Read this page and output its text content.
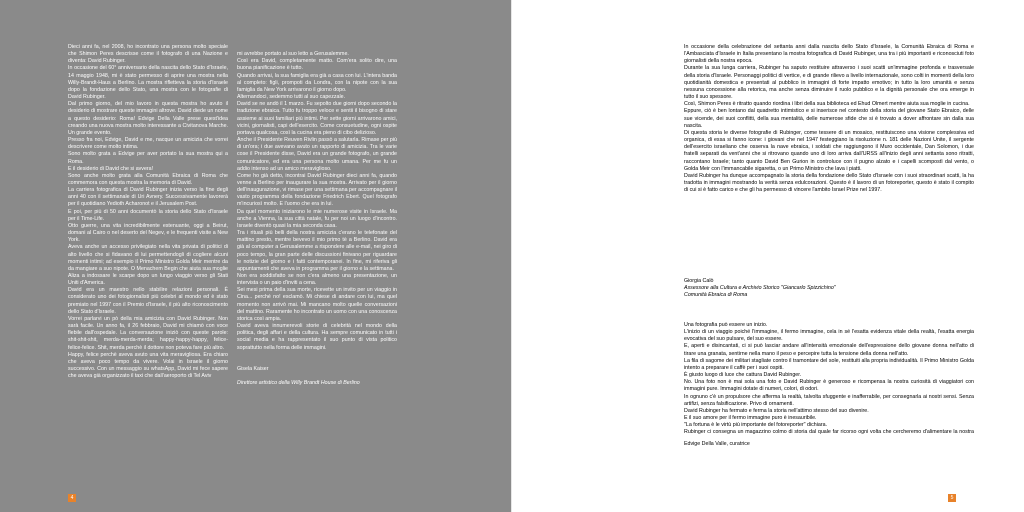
Dieci anni fa, nel 2008, ho incontrato una persona molto speciale che Shimon Peres descrisse come il fotografo di una Nazione e diventa: David Rubinger.
In occasione del 60° anniversario della nascita dello Stato d'Israele, 14 maggio 1948, mi è stato permesso di aprire una mostra nella Willy-Brandt-Haus a Berlino. La mostra rifletteva la storia d'Israele dopo la fondazione dello Stato, una mostra con le fotografie di David Rubinger.
Dal primo giorno, del mio lavoro in questa mostra ho avuto il desiderio di mostrare queste immagini altrove. David diede un nome a questo desiderio: Roma! Edvige Della Valle prese quest'idea creando una nuova mostra molto interessante a Civitanova Marche. Un grande evento.
Presso fra noi, Edvige, David e me, nacque un amicizia che vorrei descrivere come molto intima.
Sono molto grata a Edvige per aver portato la sua mostra qui a Roma.
E il desiderio di David che si avvera!
Sono anche molto grata alla Comunità Ebraica di Roma che commemora con questa mostra la memoria di David.
La carriera fotografica di David Rubinger inizia verso la fine degli anni 40 con il settimanale di Uri Avnery. Successivamente lavorerà per il quotidiano Yedioth Acharonot e il Jerusalem Post.
E poi, per più di 50 anni documentò la storia dello Stato d'Israele per il Time-Life.
Otto guerre, una vita incredibilmente estenuante, oggi a Beirut, domani al Cairo o nel deserto del Negev, e le frequenti visite a New York.
Aveva anche un accesso privilegiato nella vita privata di politici di alto livello che si fidavano di lui permettendogli di cogliere alcuni momenti intimi; ad esempio il Primo Ministro Golda Meir mentre da da mangiare a suo nipote. O Menachem Begin che aiuta sua moglie Aliza a indossare le scarpe dopo un lungo viaggio verso gli Stati Uniti d'America.
David era un maestro nello stabilire relazioni personali. È considerato uno dei fotogiornalisti più celebri al mondo ed è stato premiato nel 1997 con il Premio d'Israele, il più alto riconoscimento dello Stato d'Israele.
Vorrei parlarvi un pò della mia amicizia con David Rubinger. Non sarà facile. Un anno fa, il 26 febbraio, David mi chiamò con voce flebile dall'ospedale. La conversazione iniziò con queste parole: shit-shit-shit, merda-merda-merda; happy-happy-happy, felice-felice-felice. Shit, merda perchè il dottore non poteva fare più altro.
Happy, felice perchè aveva avuto una vita meravigliosa. Era chiaro che aveva poco tempo da vivere. Volai in Israele il giorno successivo. Con un messaggio su whatsApp, David mi fece sapere che aveva già organizzato il taxi che dall'aeroporto di Tel Aviv

mi avrebbe portato al suo letto a Gerusalemme.
Così era David, completamente matto. Com'era solito dire, una buona pianificazione è tutto.
Quando arrivai, la sua famiglia era già a casa con lui. L'intera banda al completo: figli, prompoti da Londra, con la nipote con la sua famiglia da New York arrivarono il giorno dopo.
Alternandoci, sedemmo tutti al suo capezzale.
David se ne andò il 1 marzo. Fu sepolto due giorni dopo secondo la tradizione ebraica. Tutto fu troppo veloce e sentii il bisogno di stare assieme ai suoi familiari più intimi. Per sette giorni arrivarono amici, vicini, giornalisti, capi dell'esercito. Come consuetudine, ogni ospite portava qualcosa, così la cucina era pieno di cibo delizioso.
Anche il Presidente Reuven Rivlin passò a salutarla. Rimase per più di un'ora; i due avevano avuto un rapporto di amicizia. Tra le varie cose il Presidente disse, David era un grande fotografo, un grande comunicatore, ed era una persona molto umana. Per me fu un addio intenso ad un amico meraviglioso.
Come ho già detto, incontrai David Rubinger dieci anni fa, quando venne a Berlino per inaugurare la sua mostra. Arrivato per il giorno dell'inaugurazione, vi rimase per una settimana per accompagnare il vasto programma della fondazione Friedrich Ebert. Quel fotografo m'incuriosì molto. E l'uomo che era in lui.
Da quel momento iniziarono le mie numerose visite in Israele. Ma anche a Vienna, la sua città natale, fu per noi un luogo d'incontro. Israele diventò quasi la mia seconda casa.
Tra i rituali più belli della nostra amicizia c'erano le telefonate del mattino presto, mentre bevevo il mio primo tè a Berlino. David era già al computer a Gerusalemme a rispondere alle e-mail, nei giro di poco tempo, la gran parte delle discussioni finivano per riguardare le notizie del giorno e i fatti contemporanei. In fine, mi riferiva gli appuntamenti che aveva in programma per il giorno e la settimana.
Non era soddisfatto se non c'era almeno una presentazione, un intervista o un paio d'inviti a cena.
Sei mesi prima della sua morte, ricevette un invito per un viaggio in Cina... perché no! esclamò. Mi chiese di andare con lui, ma quel momento non arrivò mai. Mi mancano molto quelle conversazioni del mattino. Raramente ho incontrato un uomo con una conoscenza storica così ampia.
David aveva innumerevoli storie di celebrità nel mondo della politica, degli affari e della cultura. Ha sempre comunicato in tutti i social media e ha rappresentato il suo punto di vista politico soprattutto nella forma delle immagini.

Gisela Kaiser

Direttore artistico della Willy Brandt House di Berlino

4
In occasione della celebrazione del settanta anni dalla nascita dello Stato d'Israele, la Comunità Ebraica di Roma e l'Ambasciata d'Israele in Italia presentano la mostra fotografica di David Rubinger, una tra i più importanti e riconosciuti foto giornalisti della nostra epoca.
Durante la sua lunga carriera, Rubinger ha saputo restituire attraverso i suoi scatti un'immagine profonda e trasversale della storia d'Israele. Personaggi politici di vertice, e di grande rilievo a livello internazionale, sono colti in momenti della loro quotidianità domestica e presentati al pubblico in immagini di forte impatto emotivo; in tutto la loro umanità e senza nessuna concessione alla retorica, ma anche senza diminuire il ruolo pubblico e la dignità personale che ora emerge in tutto il suo spessore.
Così, Shimon Peres è ritratto quando riordina i libri della sua biblioteca ed Ehud Olmert mentre aiuta sua moglie in cucina.
Eppure, ciò è ben lontano dal quadretto intimistico e si inserisce nel contesto della storia del giovane Stato Ebraico, delle sue vicende, dei suoi conflitti, della sua mentalità, delle numerose sfide che si è trovato a dover affrontare sin dalla sua nascita.
Di questa storia le diverse fotografie di Rubinger, come tessere di un mosaico, restituiscono una visione complessiva ed organica, di essa si fanno icone: i giovani che nel 1947 festeggiano la risoluzione n. 181 delle Nazioni Unite, il sergente dell'esercito israeliano che osserva la nave ebraica, i soldati che raggiungono il Muro occidentale, Dan Solomon, i due fratelli separati da vent'anni che si ritrovano quando uno di loro arriva dall'URSS all'inizio degli anni settanta sono ritratti, raccontano Israele; tanto quanto David Ben Gurion in controluce con il pugno alzato e i capelli scompostì dal vento, o Golda Meir con l'immancabile sigaretta, o un Primo Ministro che lava i piatti.
David Rubinger ha dunque accompagnato la storia della fondazione dello Stato d'Israele con i suoi straordinari scatti, la ha tradotta in immagini mostrando la verità senza edulcorazioni. Questo è il lavoro di un fotoreporter, questo è stato il compito di cui si è fatto carico e che gli ha permesso di vincere l'ambito Israel Prize nel 1997.
Giorgia Calò
Assessore alla Cultura e Archivio Storico "Giancarlo Spizzichino"
Comunità Ebraica di Roma
Una fotografia può essere un inizio.
L'inizio di un viaggio poiché l'immagine, il fermo immagine, cela in sé l'esatta evidenza vitale della realtà, l'esatta energia evocativa del suo pulsare, del suo essere.
E, aperti e disincantati, ci si può lasciar andare all'intensità emozionale dell'espressione dello giovane donna nell'atto di tirare una granata, sentirne nella mano il peso e percepire tutta la tensione della donna nell'atto.
La fila di sagome dei militari stagliate contro il tramontare del sole, restituiti alla propria individualità. Il Primo Ministro Golda intento a preparare il caffè per i suoi ospiti.
È giusto luogo di luce che cattura David Rubinger.
No. Una foto non è mai sola una foto e David Rubinger è generoso e ricompensa la nostra curiosità di viaggiatori con immagini pure. Immagini dotate di numeri, colori, di odori.
In ognuno c'è un propulsore che afferma la realtà, talvolta sfuggente e inafferrabile, per consegnarla ai nostri sensi. Senza artifizi, senza falsificazione. Privo di ornamenti.
David Rubinger ha fermato e ferma la storia nell'attimo stesso del suo divenire.
E il suo amore per il fermo immagine puro è inesauribile.
"La fortuna è le virtù più importante del fotoreporter" dichiara.
Rubinger ci consegna un magazzino colmo di storia dal quale far ricorso ogni volta che cercheremo d'alimentare la nostra
Edvige Della Valle, curatrice
5
